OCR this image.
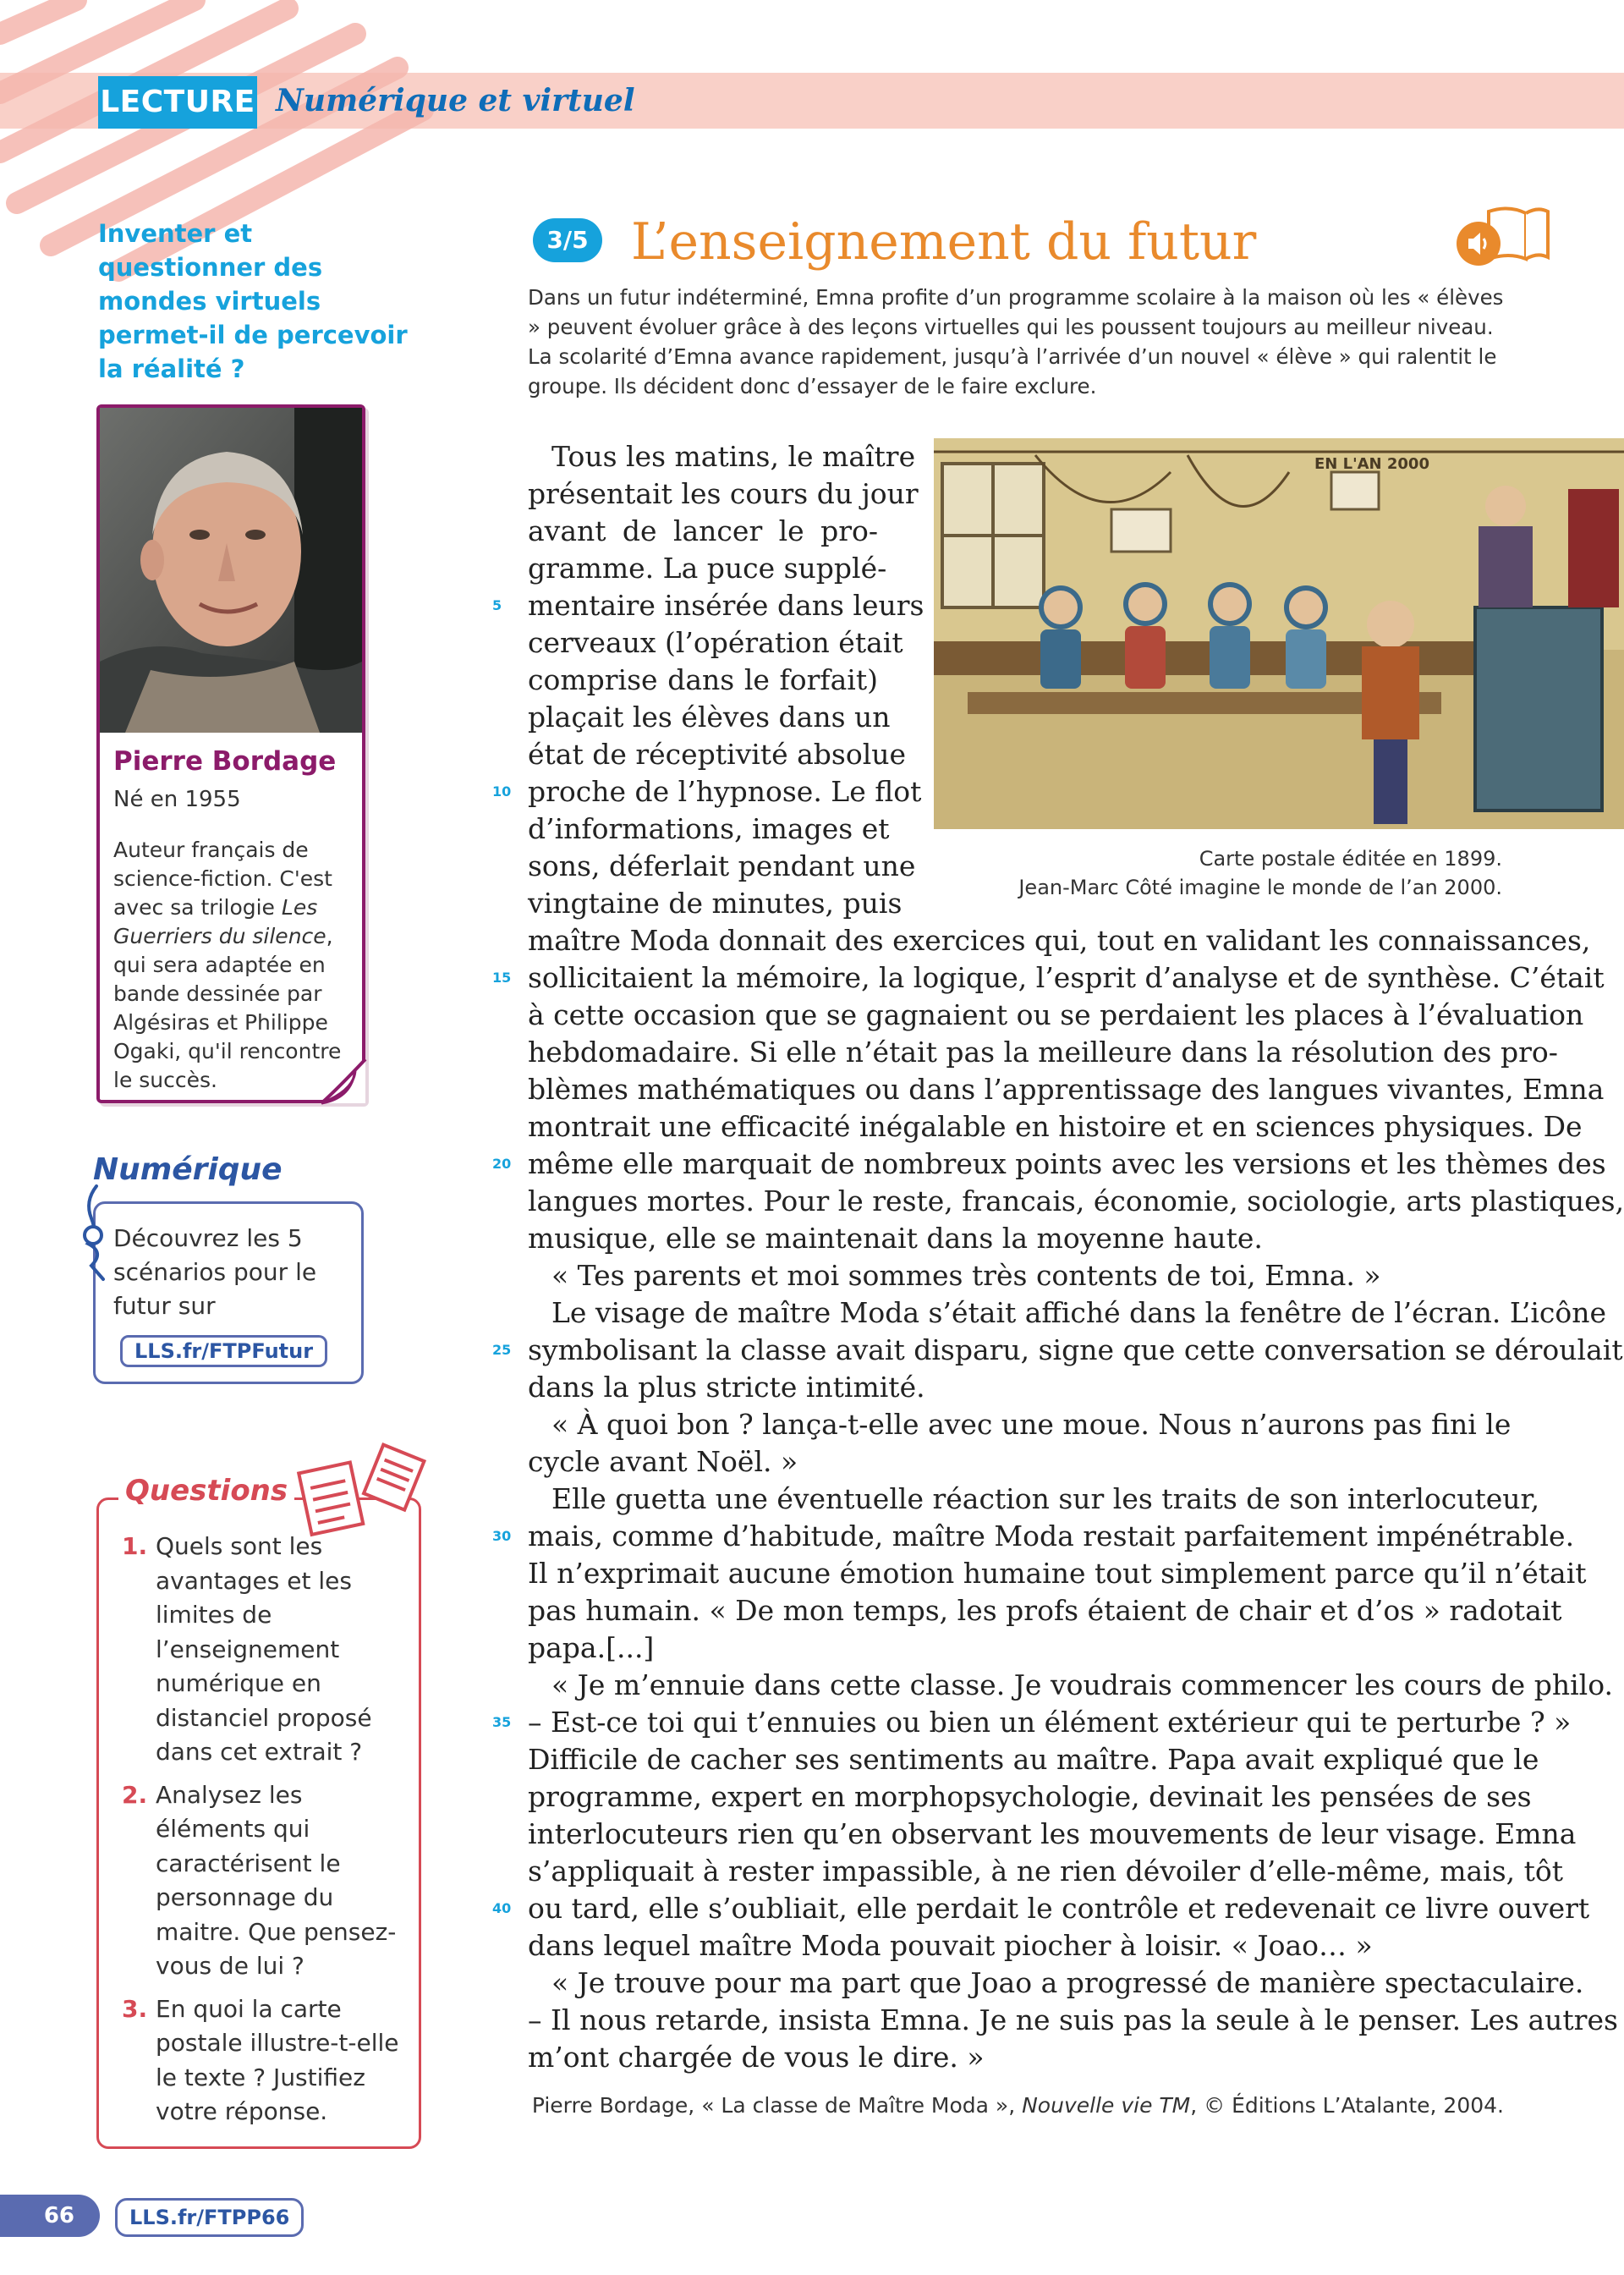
LECTURE Numérique et virtuel
Inventer et questionner des mondes virtuels permet-il de percevoir la réalité ?
Pierre Bordage
Né en 1955
Auteur français de science-fiction. C'est avec sa trilogie Les Guerriers du silence, qui sera adaptée en bande dessinée par Algésiras et Philippe Ogaki, qu'il rencontre le succès.
Numérique
Découvrez les 5 scénarios pour le futur sur
LLS.fr/FTPFutur
Questions
1. Quels sont les avantages et les limites de l’enseignement numérique en distanciel proposé dans cet extrait ?
2. Analysez les éléments qui caractérisent le personnage du maitre. Que pensez-vous de lui ?
3. En quoi la carte postale illustre-t-elle le texte ? Justifiez votre réponse.
3/5 L’enseignement du futur
Dans un futur indéterminé, Emna profite d’un programme scolaire à la maison où les « élèves » peuvent évoluer grâce à des leçons virtuelles qui les poussent toujours au meilleur niveau. La scolarité d’Emna avance rapidement, jusqu’à l’arrivée d’un nouvel « élève » qui ralentit le groupe. Ils décident donc d’essayer de le faire exclure.
EN L'AN 2000
Carte postale éditée en 1899.
Jean-Marc Côté imagine le monde de l’an 2000.
Tous les matins, le maître
présentait les cours du jour
avant de lancer le pro-
gramme. La puce supplé-
mentaire insérée dans leurs
cerveaux (l’opération était
comprise dans le forfait)
plaçait les élèves dans un
état de réceptivité absolue
proche de l’hypnose. Le flot
d’informations, images et
sons, déferlait pendant une
vingtaine de minutes, puis
maître Moda donnait des exercices qui, tout en validant les connaissances,
sollicitaient la mémoire, la logique, l’esprit d’analyse et de synthèse. C’était
à cette occasion que se gagnaient ou se perdaient les places à l’évaluation
hebdomadaire. Si elle n’était pas la meilleure dans la résolution des pro-
blèmes mathématiques ou dans l’apprentissage des langues vivantes, Emna
montrait une efficacité inégalable en histoire et en sciences physiques. De
même elle marquait de nombreux points avec les versions et les thèmes des
langues mortes. Pour le reste, francais, économie, sociologie, arts plastiques,
musique, elle se maintenait dans la moyenne haute.
« Tes parents et moi sommes très contents de toi, Emna. »
Le visage de maître Moda s’était affiché dans la fenêtre de l’écran. L’icône
symbolisant la classe avait disparu, signe que cette conversation se déroulait
dans la plus stricte intimité.
« À quoi bon ? lança-t-elle avec une moue. Nous n’aurons pas fini le
cycle avant Noël. »
Elle guetta une éventuelle réaction sur les traits de son interlocuteur,
mais, comme d’habitude, maître Moda restait parfaitement impénétrable.
Il n’exprimait aucune émotion humaine tout simplement parce qu’il n’était
pas humain. « De mon temps, les profs étaient de chair et d’os » radotait
papa.[...]
« Je m’ennuie dans cette classe. Je voudrais commencer les cours de philo.
– Est-ce toi qui t’ennuies ou bien un élément extérieur qui te perturbe ? »
Difficile de cacher ses sentiments au maître. Papa avait expliqué que le
programme, expert en morphopsychologie, devinait les pensées de ses
interlocuteurs rien qu’en observant les mouvements de leur visage. Emna
s’appliquait à rester impassible, à ne rien dévoiler d’elle-même, mais, tôt
ou tard, elle s’oubliait, elle perdait le contrôle et redevenait ce livre ouvert
dans lequel maître Moda pouvait piocher à loisir. « Joao… »
« Je trouve pour ma part que Joao a progressé de manière spectaculaire.
– Il nous retarde, insista Emna. Je ne suis pas la seule à le penser. Les autres
m’ont chargée de vous le dire. »
5
10
15
20
25
30
35
40
Pierre Bordage, « La classe de Maître Moda », Nouvelle vie TM, © Éditions L’Atalante, 2004.
66	LLS.fr/FTPP66
